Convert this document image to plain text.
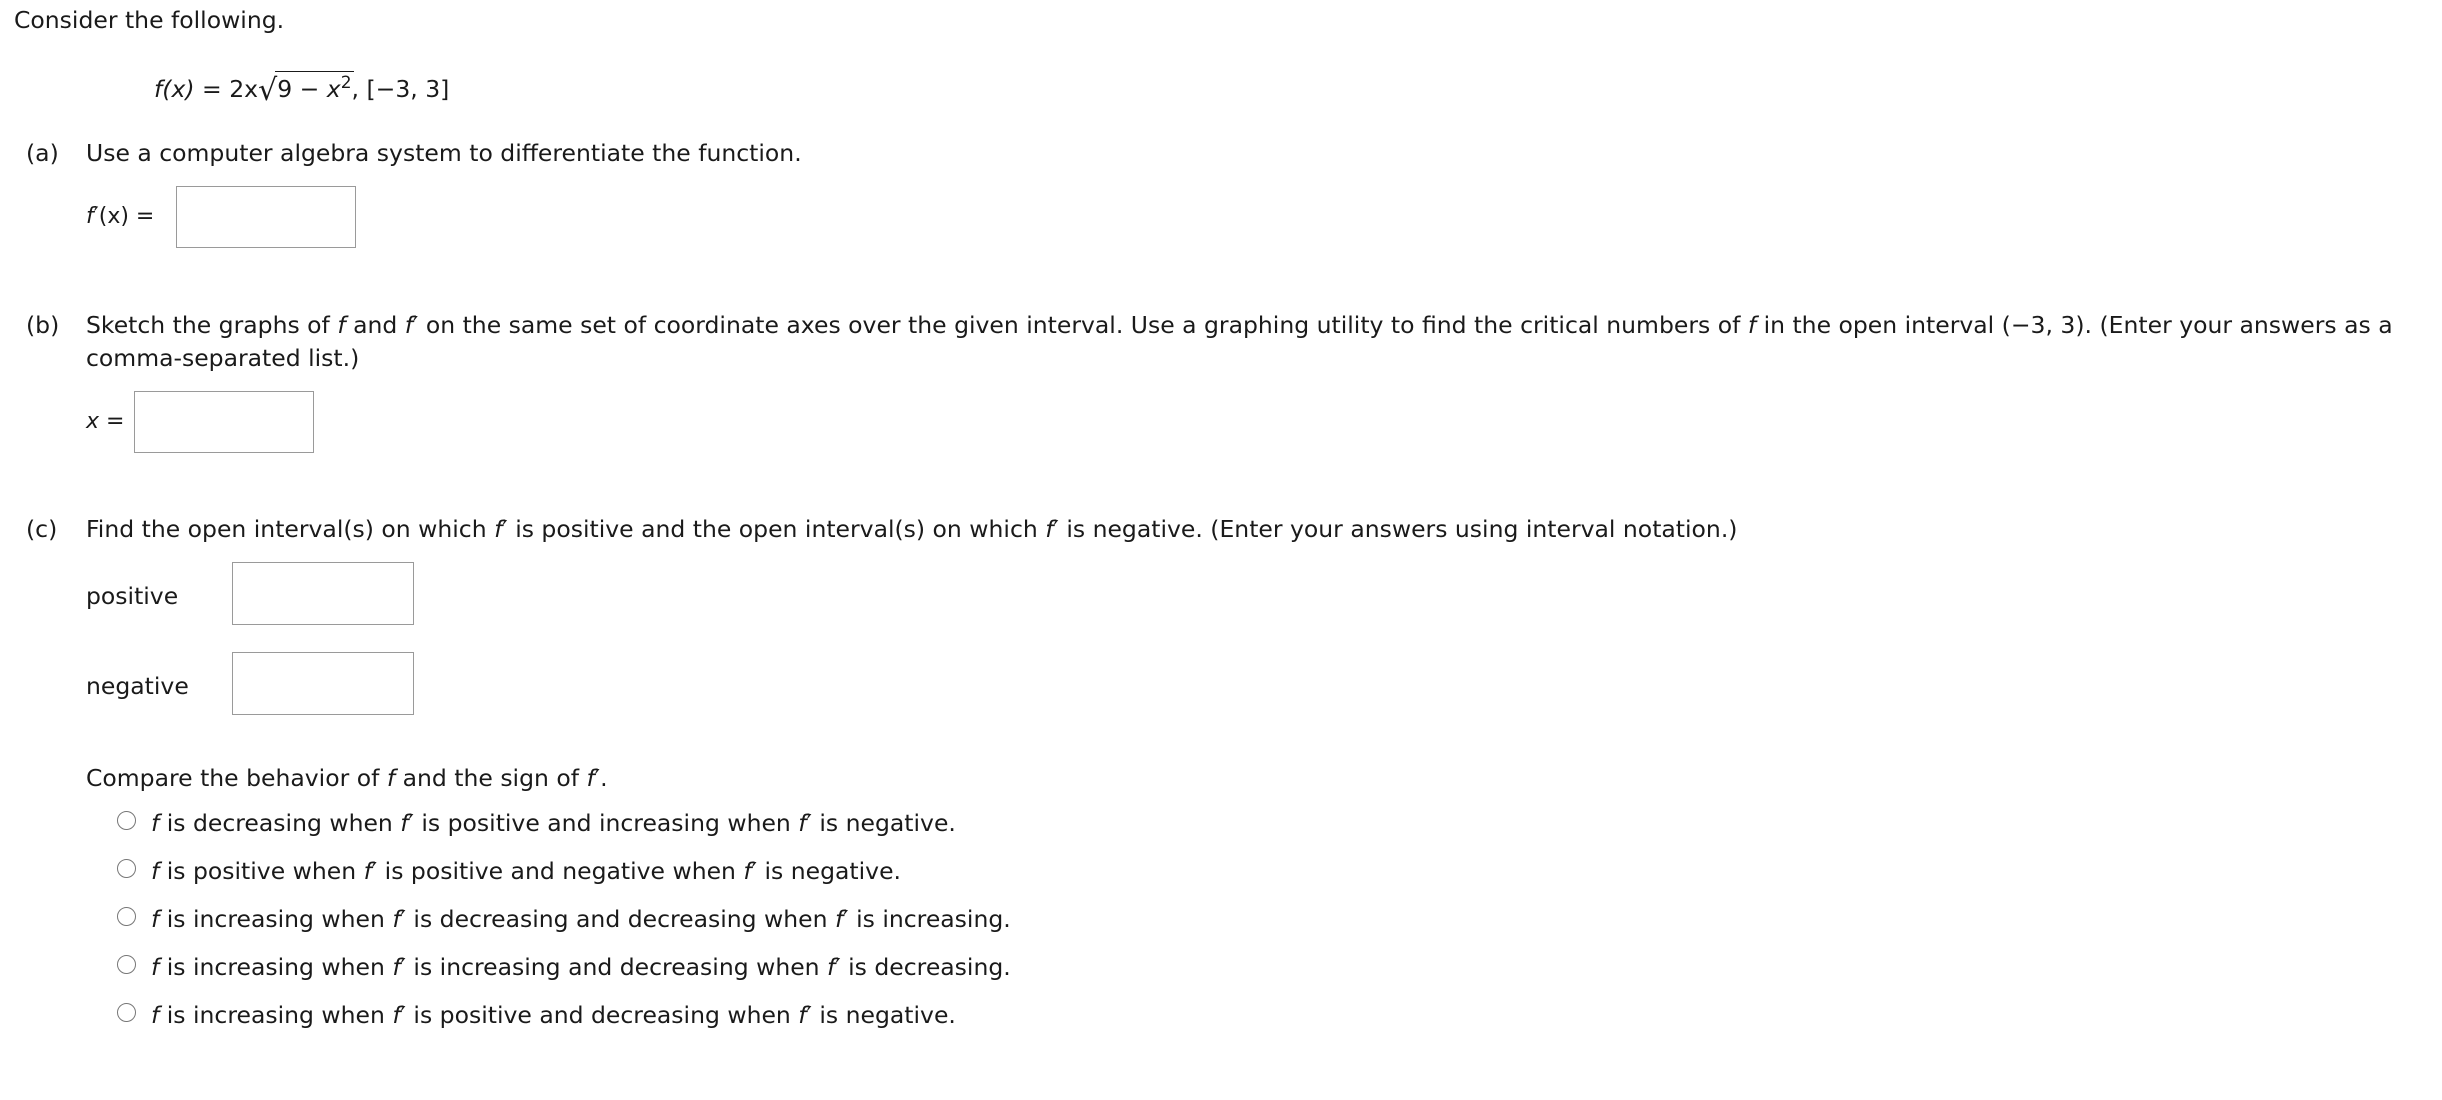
Consider the following.
f(x) = 2x√
$9 - x^2$, [−3, 3]
(a) Use a computer algebra system to differentiate the function.
f′(x) =
(b) Sketch the graphs of f and f′ on the same set of coordinate axes over the given interval. Use a graphing utility to find the critical numbers of f in the open interval (−3, 3). (Enter your answers as a
comma-separated list.)
x =
(c) Find the open interval(s) on which f′ is positive and the open interval(s) on which f′ is negative. (Enter your answers using interval notation.)
positive
negative
Compare the behavior of f and the sign of f′.
f is decreasing when f′ is positive and increasing when f′ is negative.
f is positive when f′ is positive and negative when f′ is negative.
f is increasing when f′ is decreasing and decreasing when f′ is increasing.
f is increasing when f′ is increasing and decreasing when f′ is decreasing.
f is increasing when f′ is positive and decreasing when f′ is negative.
